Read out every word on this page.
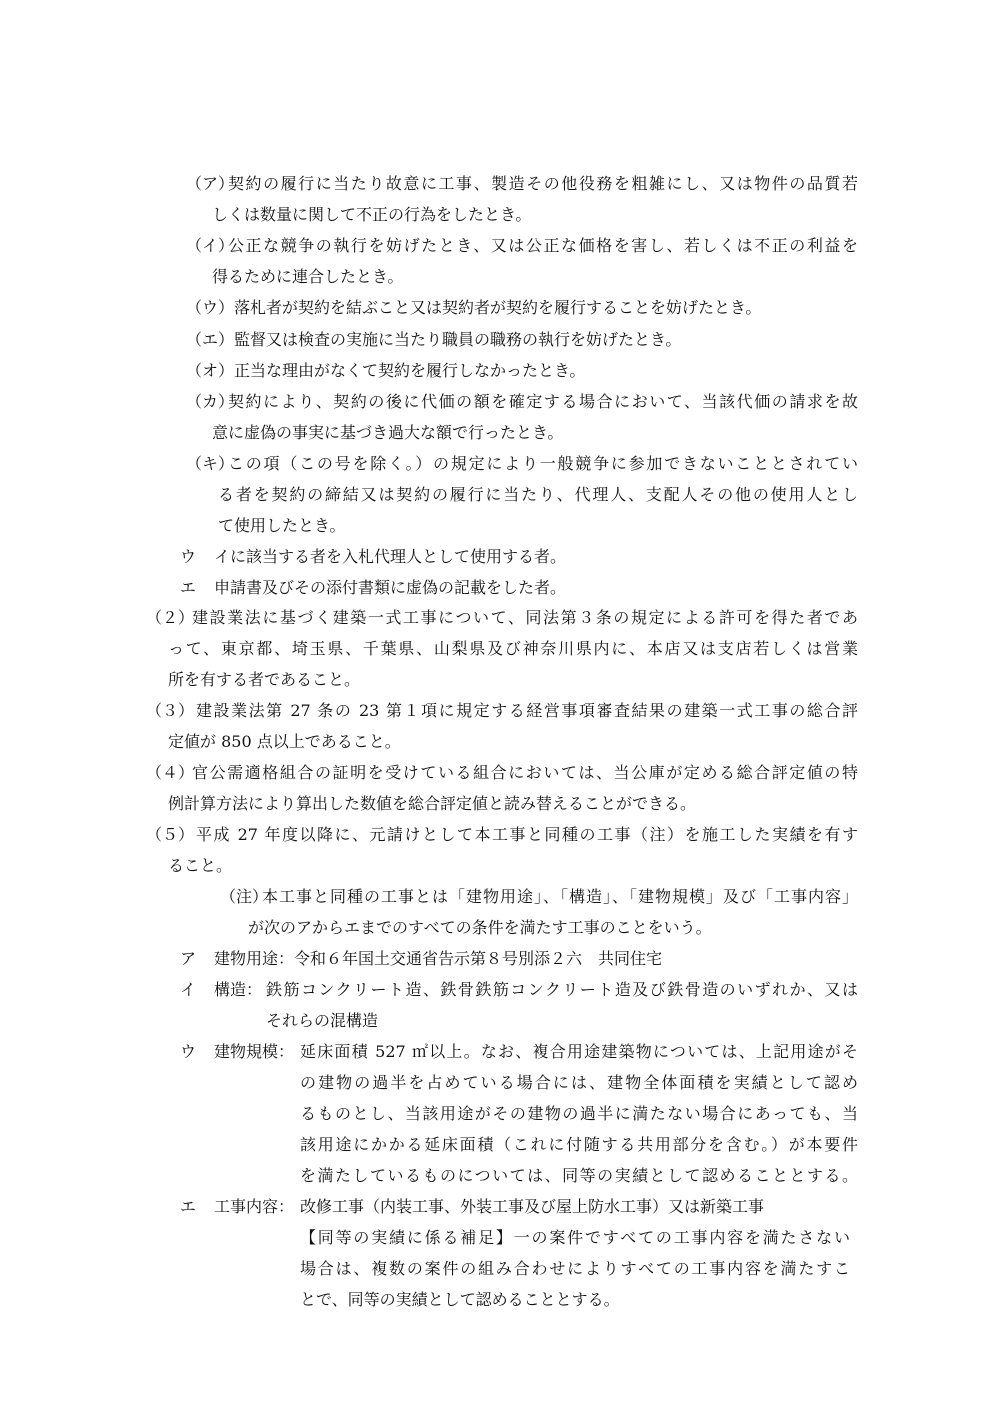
（ア）
契約の履行に当たり故意に工事、製造その他役務を粗雑にし、又は物件の品質若
しくは数量に関して不正の行為をしたとき。
（イ）
公正な競争の執行を妨げたとき、又は公正な価格を害し、若しくは不正の利益を
得るために連合したとき。
（ウ） 落札者が契約を結ぶこと又は契約者が契約を履行することを妨げたとき。
（エ） 監督又は検査の実施に当たり職員の職務の執行を妨げたとき。
（オ） 正当な理由がなくて契約を履行しなかったとき。
（カ）
契約により、契約の後に代価の額を確定する場合において、当該代価の請求を故
意に虚偽の事実に基づき過大な額で行ったとき。
（キ）
この項（この号を除く。）の規定により一般競争に参加できないこととされてい
る者を契約の締結又は契約の履行に当たり、代理人、支配人その他の使用人とし
て使用したとき。
ウ イに該当する者を入札代理人として使用する者。
エ 申請書及びその添付書類に虚偽の記載をした者。
（２）
建設業法に基づく建築一式工事について、同法第３条の規定による許可を得た者であ
って、東京都、埼玉県、千葉県、山梨県及び神奈川県内に、本店又は支店若しくは営業
所を有する者であること。
（３） 建設業法第 27 条の 23 第１項に規定する経営事項審査結果の建築一式工事の総合評
定値が 850 点以上であること。
（４）
官公需適格組合の証明を受けている組合においては、当公庫が定める総合評定値の特
例計算方法により算出した数値を総合評定値と読み替えることができる。
（５） 平成 27 年度以降に、元請けとして本工事と同種の工事（注）を施工した実績を有す
ること。
（注）
本工事と同種の工事とは「建物用途」、「構造」、「建物規模」及び「工事内容」
が次のアからエまでのすべての条件を満たす工事のことをいう。
ア 建物用途： 令和６年国土交通省告示第８号別添２六　共同住宅
イ 構造： 鉄筋コンクリート造、鉄骨鉄筋コンクリート造及び鉄骨造のいずれか、又は
それらの混構造
ウ 建物規模： 延床面積 527 ㎡以上。なお、複合用途建築物については、上記用途がそ
の建物の過半を占めている場合には、建物全体面積を実績として認め
るものとし、当該用途がその建物の過半に満たない場合にあっても、当
該用途にかかる延床面積（これに付随する共用部分を含む。）が本要件
を満たしているものについては、同等の実績として認めることとする。
エ 工事内容： 改修工事（内装工事、外装工事及び屋上防水工事）又は新築工事
【同等の実績に係る補足】一の案件ですべての工事内容を満たさない
場合は、複数の案件の組み合わせによりすべての工事内容を満たすこ
とで、同等の実績として認めることとする。
